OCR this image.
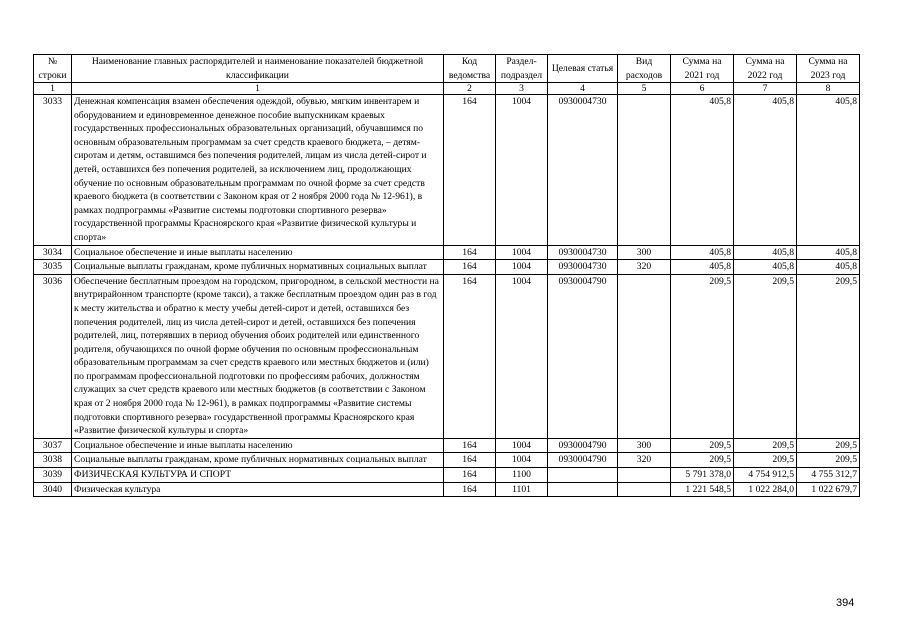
№ строки	Наименование главных распорядителей и наименование показателей бюджетной классификации	Код ведомства	Раздел-подраздел	Целевая статья	Вид расходов	Сумма на 2021 год	Сумма на 2022 год	Сумма на 2023 год
1	1	2	3	4	5	6	7	8
3033	Денежная компенсация взамен обеспечения одеждой, обувью, мягким инвентарем и оборудованием и единовременное денежное пособие выпускникам краевых государственных профессиональных образовательных организаций, обучавшимся по основным образовательным программам за счет средств краевого бюджета, – детям-сиротам и детям, оставшимся без попечения родителей, лицам из числа детей-сирот и детей, оставшихся без попечения родителей, за исключением лиц, продолжающих обучение по основным образовательным программам по очной форме за счет средств краевого бюджета (в соответствии с Законом края от 2 ноября 2000 года № 12-961), в рамках подпрограммы «Развитие системы подготовки спортивного резерва» государственной программы Красноярского края «Развитие физической культуры и спорта»	164	1004	0930004730		405,8	405,8	405,8
3034	Социальное обеспечение и иные выплаты населению	164	1004	0930004730	300	405,8	405,8	405,8
3035	Социальные выплаты гражданам, кроме публичных нормативных социальных выплат	164	1004	0930004730	320	405,8	405,8	405,8
3036	Обеспечение бесплатным проездом на городском, пригородном, в сельской местности на внутрирайонном транспорте (кроме такси), а также бесплатным проездом один раз в год к месту жительства и обратно к месту учебы детей-сирот и детей, оставшихся без попечения родителей, лиц из числа детей-сирот и детей, оставшихся без попечения родителей, лиц, потерявших в период обучения обоих родителей или единственного родителя, обучающихся по очной форме обучения по основным профессиональным образовательным программам за счет средств краевого или местных бюджетов и (или) по программам профессиональной подготовки по профессиям рабочих, должностям служащих за счет средств краевого или местных бюджетов (в соответствии с Законом края от 2 ноября 2000 года № 12-961), в рамках подпрограммы «Развитие системы подготовки спортивного резерва» государственной программы Красноярского края «Развитие физической культуры и спорта»	164	1004	0930004790		209,5	209,5	209,5
3037	Социальное обеспечение и иные выплаты населению	164	1004	0930004790	300	209,5	209,5	209,5
3038	Социальные выплаты гражданам, кроме публичных нормативных социальных выплат	164	1004	0930004790	320	209,5	209,5	209,5
3039	ФИЗИЧЕСКАЯ КУЛЬТУРА И СПОРТ	164	1100			5 791 378,0	4 754 912,5	4 755 312,7
3040	Физическая культура	164	1101			1 221 548,5	1 022 284,0	1 022 679,7
394
